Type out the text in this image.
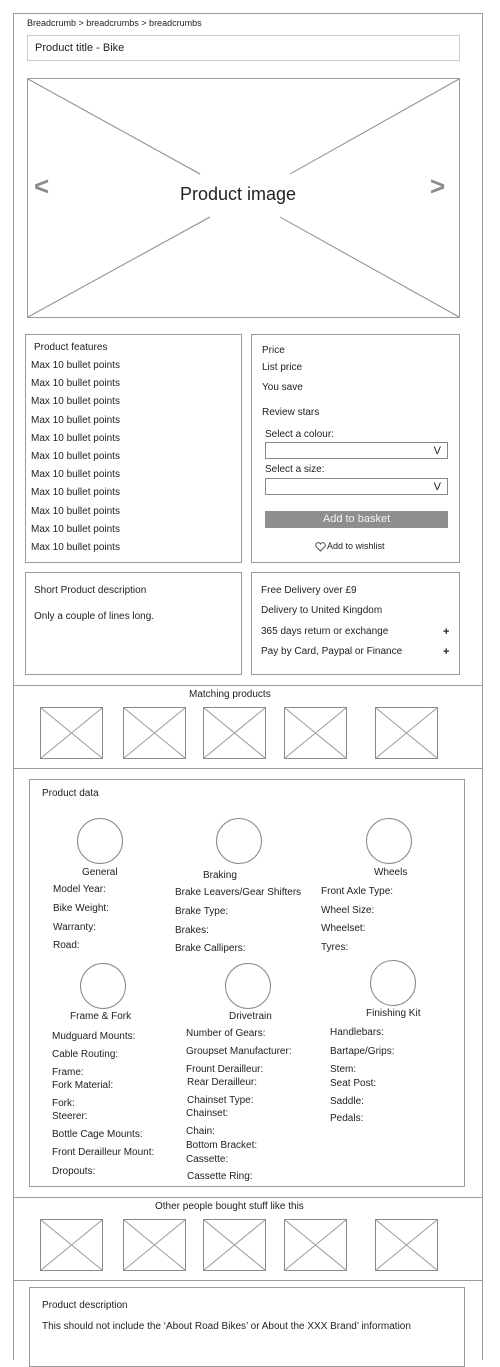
Breadcrumb > breadcrumbs > breadcrumbs
Product title - Bike
Product image
<	>
Product features
Max 10 bullet points
Max 10 bullet points
Max 10 bullet points
Max 10 bullet points
Max 10 bullet points
Max 10 bullet points
Max 10 bullet points
Max 10 bullet points
Max 10 bullet points
Max 10 bullet points
Max 10 bullet points
Price
List price
You save
Review stars
Select a colour:
V
Select a size:
V
Add to basket
Add to wishlist
Short Product description
Only a couple of lines long.
Free Delivery over £9
Delivery to United Kingdom
365 days return or exchange	+
Pay by Card, Paypal or Finance	+
Matching products
Product data
General
Model Year:
Bike Weight:
Warranty:
Road:
Braking
Brake Leavers/Gear Shifters
Brake Type:
Brakes:
Brake Callipers:
Wheels
Front Axle Type:
Wheel Size:
Wheelset:
Tyres:
Frame & Fork
Mudguard Mounts:
Cable Routing:
Frame:
Fork Material:
Fork:
Steerer:
Bottle Cage Mounts:
Front Derailleur Mount:
Dropouts:
Drivetrain
Number of Gears:
Groupset Manufacturer:
Frount Derailleur:
Rear Derailleur:
Chainset Type:
Chainset:
Chain:
Bottom Bracket:
Cassette:
Cassette Ring:
Finishing Kit
Handlebars:
Bartape/Grips:
Stem:
Seat Post:
Saddle:
Pedals:
Other people bought stuff like this
Product description
This should not include the ‘About Road Bikes’ or About the XXX Brand’ information
